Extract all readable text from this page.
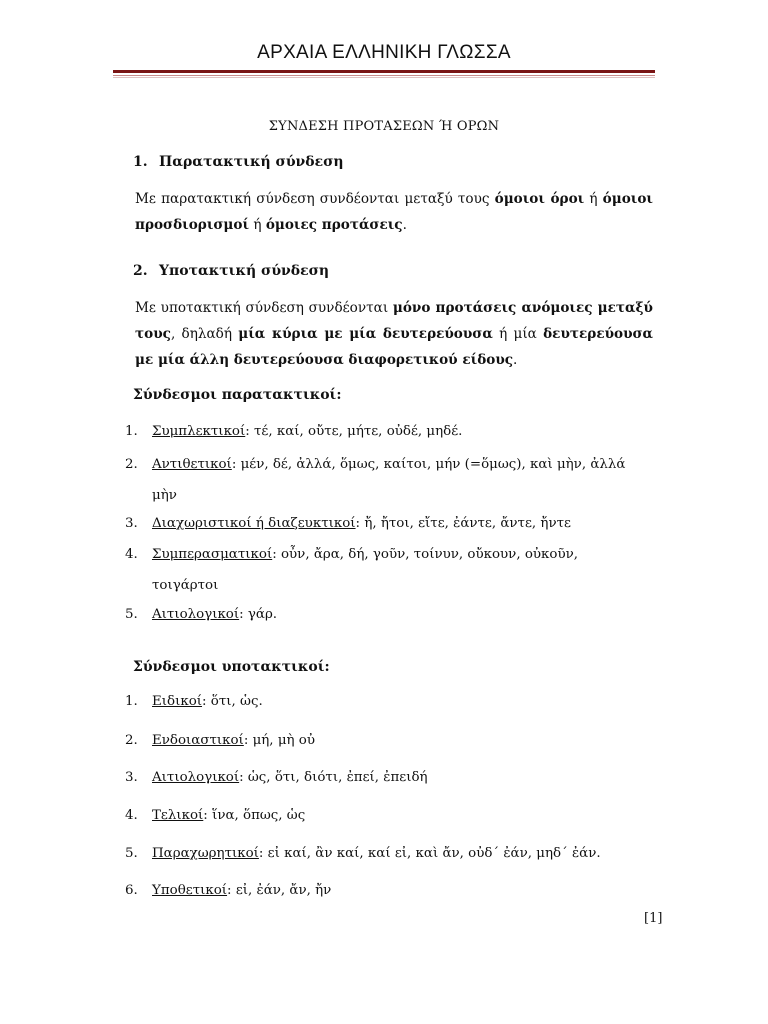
ΑΡΧΑΙΑ ΕΛΛΗΝΙΚΗ ΓΛΩΣΣΑ
ΣΥΝΔΕΣΗ ΠΡΟΤΑΣΕΩΝ Ή ΟΡΩΝ
1. Παρατακτική σύνδεση
Με παρατακτική σύνδεση συνδέονται μεταξύ τους όμοιοι όροι ή όμοιοι προσδιορισμοί ή όμοιες προτάσεις.
2. Υποτακτική σύνδεση
Με υποτακτική σύνδεση συνδέονται μόνο προτάσεις ανόμοιες μεταξύ τους, δηλαδή μία κύρια με μία δευτερεύουσα ή μία δευτερεύουσα με μία άλλη δευτερεύουσα διαφορετικού είδους.
Σύνδεσμοι παρατακτικοί:
1. Συμπλεκτικοί: τέ, καί, οὔτε, μήτε, οὐδέ, μηδέ.
2. Αντιθετικοί: μέν, δέ, ἀλλά, ὅμως, καίτοι, μήν (=ὅμως), καὶ μὴν, ἀλλά
μὴν
3. Διαχωριστικοί ή διαζευκτικοί: ἤ, ἤτοι, εἴτε, ἐάντε, ἄντε, ἤντε
4. Συμπερασματικοί: οὖν, ἄρα, δή, γοῦν, τοίνυν, οὔκουν, οὐκοῦν,
τοιγάρτοι
5. Αιτιολογικοί: γάρ.
Σύνδεσμοι υποτακτικοί:
1. Ειδικοί: ὅτι, ὡς.
2. Ενδοιαστικοί: μή, μὴ οὐ
3. Αιτιολογικοί: ὡς, ὅτι, διότι, ἐπεί, ἐπειδή
4. Τελικοί: ἵνα, ὅπως, ὡς
5. Παραχωρητικοί: εἰ καί, ἂν καί, καί εἰ, καὶ ἄν, οὐδ΄ ἐάν, μηδ΄ ἐάν.
6. Υποθετικοί: εἰ, ἐάν, ἄν, ἤν
[1]
